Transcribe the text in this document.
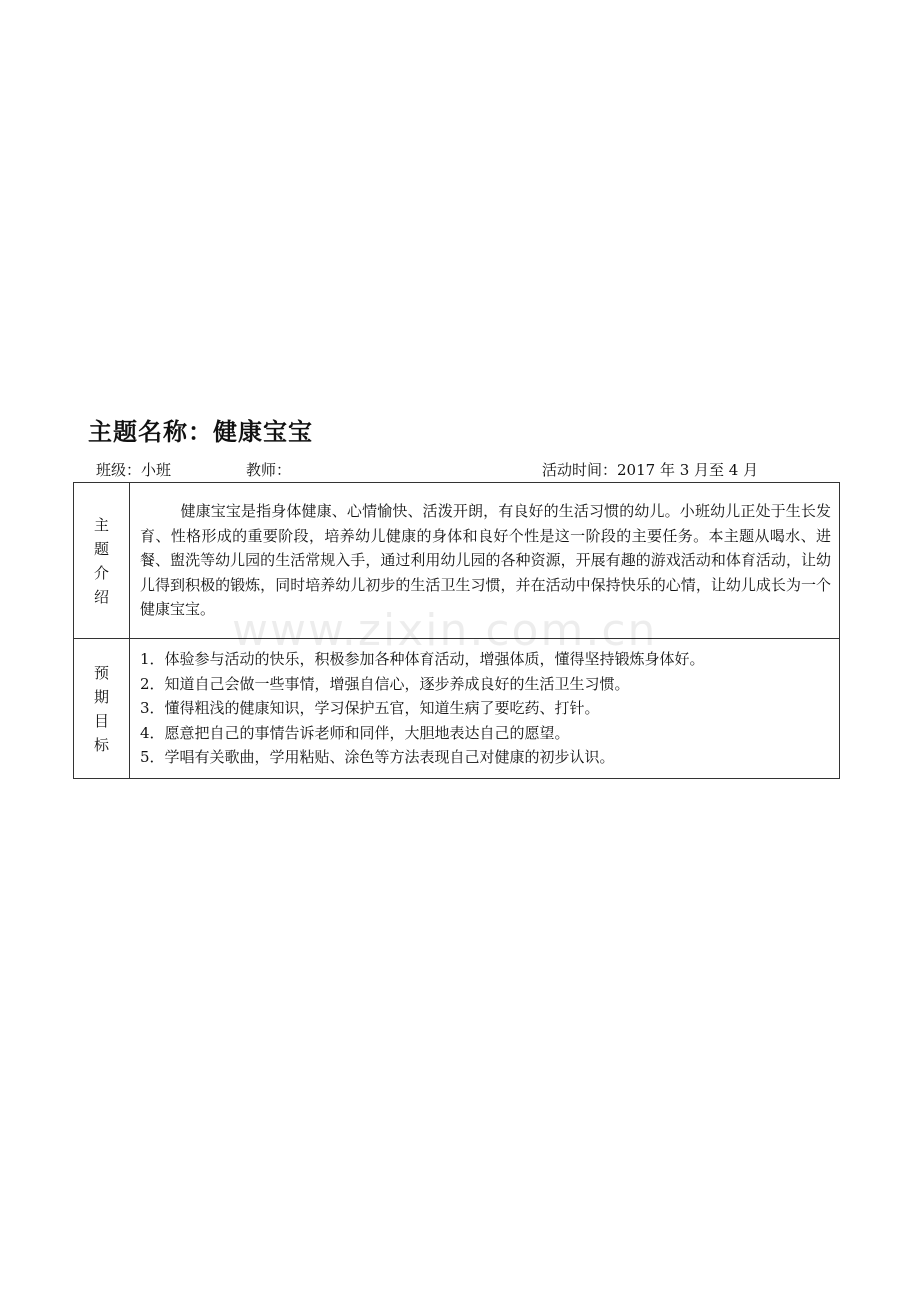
主题名称：健康宝宝
班级：小班	教师：	活动时间：2017 年 3 月至 4 月
主题介绍	健康宝宝是指身体健康、心情愉快、活泼开朗，有良好的生活习惯的幼儿。小班幼儿正处于生长发育、性格形成的重要阶段，培养幼儿健康的身体和良好个性是这一阶段的主要任务。本主题从喝水、进餐、盥洗等幼儿园的生活常规入手，通过利用幼儿园的各种资源，开展有趣的游戏活动和体育活动，让幼儿得到积极的锻炼，同时培养幼儿初步的生活卫生习惯，并在活动中保持快乐的心情，让幼儿成长为一个健康宝宝。

预期目标	1．体验参与活动的快乐，积极参加各种体育活动，增强体质，懂得坚持锻炼身体好。
2．知道自己会做一些事情，增强自信心，逐步养成良好的生活卫生习惯。
3．懂得粗浅的健康知识，学习保护五官，知道生病了要吃药、打针。
4．愿意把自己的事情告诉老师和同伴，大胆地表达自己的愿望。
5．学唱有关歌曲，学用粘贴、涂色等方法表现自己对健康的初步认识。
www.zixin.com.cn
